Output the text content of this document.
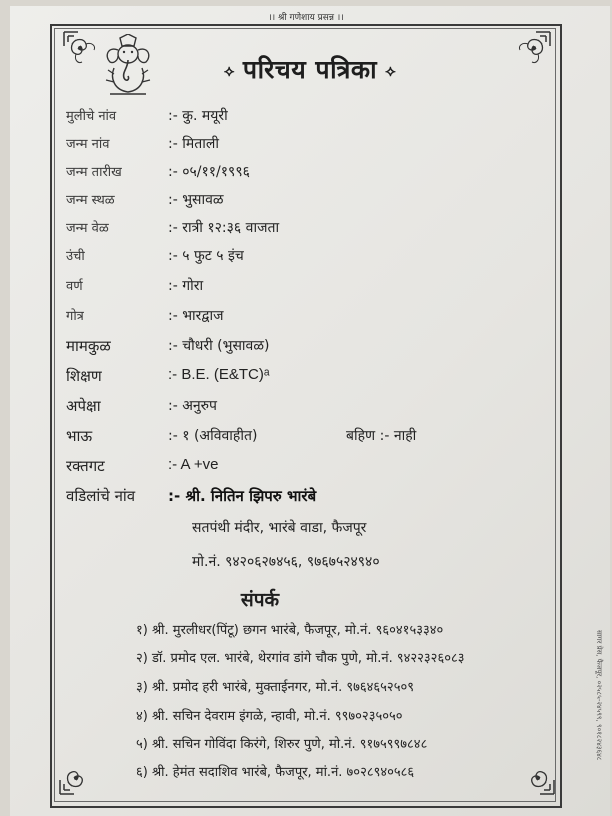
।। श्री गणेशाय प्रसन्न ।।
⟡ परिचय पत्रिका ⟡
मुलीचे नांव	:- कु. मयूरी
जन्म नांव	:- मिताली
जन्म तारीख	:- ०५/११/१९९६
जन्म स्थळ	:- भुसावळ
जन्म वेळ	:- रात्री १२:३६ वाजता
उंची	:- ५ फुट ५ इंच
वर्ण	:- गोरा
गोत्र	:- भारद्वाज
मामकुळ	:- चौधरी (भुसावळ)
शिक्षण	:- B.E. (E&TC)ᵃ
अपेक्षा	:- अनुरुप
भाऊ	:- १ (अविवाहीत)	बहिण :- नाही
रक्तगट	:- A +ve
वडिलांचे नांव :- श्री. नितिन झिपरु भारंबे
सतपंथी मंदीर, भारंबे वाडा, फैजपूर
मो.नं. ९४२०६२७४५६, ९७६७५२४९४०
संपर्क
१) श्री. मुरलीधर(पिंटू) छगन भारंबे, फैजपूर, मो.नं. ९६०४१५३३४०
२) डॉ. प्रमोद एल. भारंबे, थेरगांव डांगे चौक पुणे, मो.नं. ९४२२३२६०८३
३) श्री. प्रमोद हरी भारंबे, मुक्ताईनगर, मो.नं. ९७६४६५२५०९
४) श्री. सचिन देवराम इंगळे, न्हावी, मो.नं. ९९७०२३५०५०
५) श्री. सचिन गोविंदा किरंगे, शिरुर पुणे, मो.नं. ९१७५९९७८४८
६) श्री. हेमंत सदाशिव भारंबे, फैजपूर, मां.नं. ७०२८९४०५८६
सागर प्रेस, फैजपूर, ०२५८५-२४५९९, ९०१८२४३६४८
